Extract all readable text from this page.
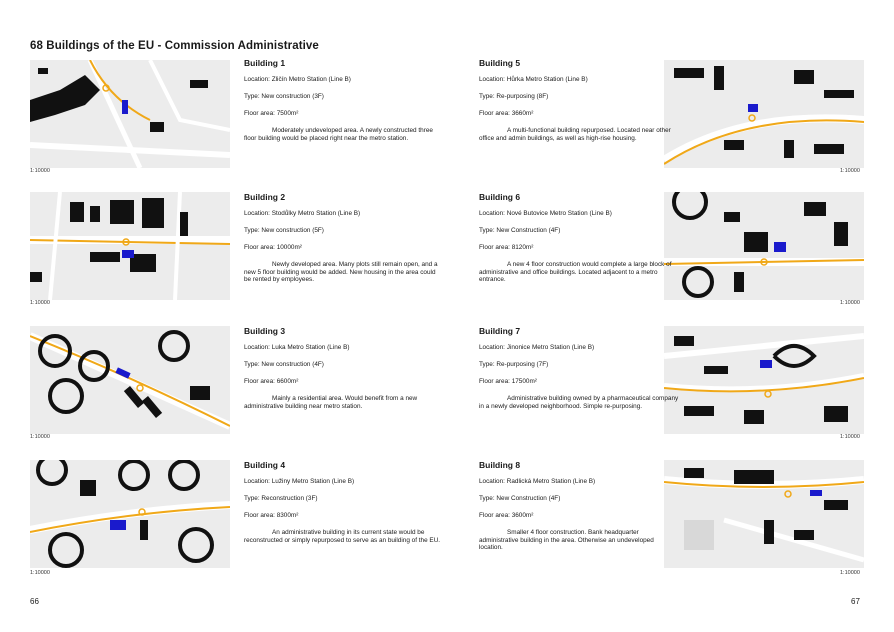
68 Buildings of the EU - Commission Administrative
1:10000
1:10000
1:10000
1:10000
1:10000
1:10000
1:10000
1:10000
Building 1

Location: Zličín Metro Station (Line B)

Type: New construction (3F)

Floor area: 7500m²

Moderately undeveloped area. A newly constructed three floor building would be placed right near the metro station.

Building 2

Location: Stodůlky Metro Station (Line B)

Type: New construction (5F)

Floor area: 10000m²

Newly developed area. Many plots still remain open, and a new 5 floor building would be added. New housing in the area could be rented by employees.

Building 3

Location: Luka Metro Station (Line B)

Type: New construction (4F)

Floor area: 6600m²

Mainly a residential area. Would benefit from a new administrative building near metro station.

Building 4

Location: Lužiny Metro Station (Line B)

Type: Reconstruction (3F)

Floor area: 8300m²

An administrative building in its current state would be reconstructed or simply repurposed to serve as an building of the EU.

Building 5

Location: Hůrka Metro Station (Line B)

Type: Re-purposing (8F)

Floor area: 3660m²

A multi-functional building repurposed. Located near other office and admin buildings, as well as high-rise housing.

Building 6

Location: Nové Butovice Metro Station (Line B)

Type: New Construction (4F)

Floor area: 8120m²

A new 4 floor construction would complete a large block of administrative and office buildings. Located adjacent to a metro entrance.

Building 7

Location: Jinonice Metro Station (Line B)

Type: Re-purposing (7F)

Floor area: 17500m²

Administrative building owned by a pharmaceutical company in a newly developed neighborhood. Simple re-purposing.

Building 8

Location: Radlická Metro Station (Line B)

Type: New Construction (4F)

Floor area: 3600m²

Smaller 4 floor construction. Bank headquarter administrative building in the area. Otherwise an undeveloped location.

66	67
